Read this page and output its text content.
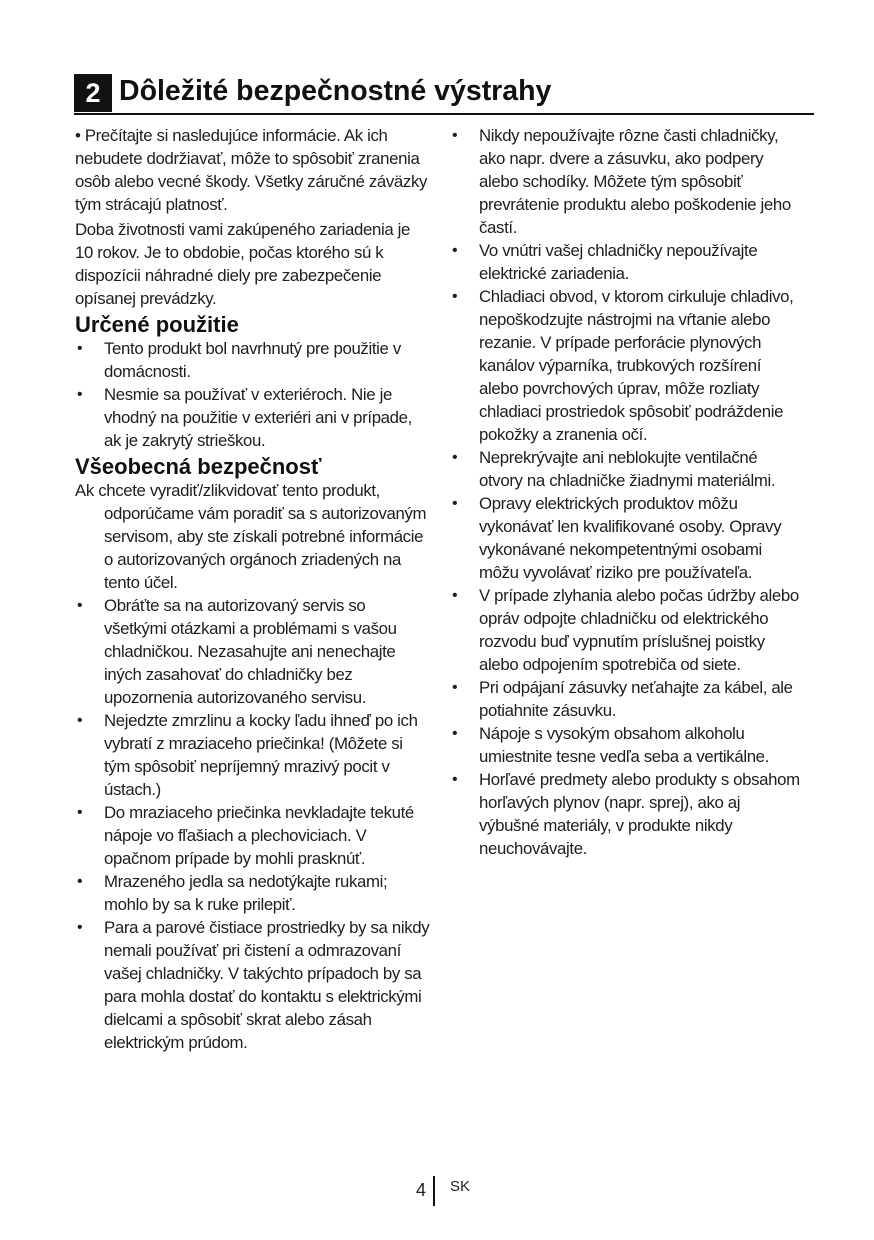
2 Dôležité bezpečnostné výstrahy

• Prečítajte si nasledujúce informácie. Ak ich nebudete dodržiavať, môže to spôsobiť zranenia osôb alebo vecné škody. Všetky záručné záväzky tým strácajú platnosť.

Doba životnosti vami zakúpeného zariadenia je 10 rokov. Je to obdobie, počas ktorého sú k dispozícii náhradné diely pre zabezpečenie opísanej prevádzky.

Určené použitie
• Tento produkt bol navrhnutý pre použitie v domácnosti.
• Nesmie sa používať v exteriéroch. Nie je vhodný na použitie v exteriéri ani v prípade, ak je zakrytý strieškou.
Všeobecná bezpečnosť

Ak chcete vyradiť/zlikvidovať tento produkt, odporúčame vám poradiť sa s autorizovaným servisom, aby ste získali potrebné informácie o autorizovaných orgánoch zriadených na tento účel.

• Obráťte sa na autorizovaný servis so všetkými otázkami a problémami s vašou chladničkou. Nezasahujte ani nenechajte iných zasahovať do chladničky bez upozornenia autorizovaného servisu.
• Nejedzte zmrzlinu a kocky ľadu ihneď po ich vybratí z mraziaceho priečinka! (Môžete si tým spôsobiť nepríjemný mrazivý pocit v ústach.)
• Do mraziaceho priečinka nevkladajte tekuté nápoje vo fľašiach a plechoviciach. V opačnom prípade by mohli prasknúť.
• Mrazeného jedla sa nedotýkajte rukami; mohlo by sa k ruke prilepiť.
• Para a parové čistiace prostriedky by sa nikdy nemali používať pri čistení a odmrazovaní vašej chladničky. V takýchto prípadoch by sa para mohla dostať do kontaktu s elektrickými dielcami a spôsobiť skrat alebo zásah elektrickým prúdom.
• Nikdy nepoužívajte rôzne časti chladničky, ako napr. dvere a zásuvku, ako podpery alebo schodíky. Môžete tým spôsobiť prevrátenie produktu alebo poškodenie jeho častí.
• Vo vnútri vašej chladničky nepoužívajte elektrické zariadenia.
• Chladiaci obvod, v ktorom cirkuluje chladivo, nepoškodzujte nástrojmi na vŕtanie alebo rezanie. V prípade perforácie plynových kanálov výparníka, trubkových rozšírení alebo povrchových úprav, môže rozliaty chladiaci prostriedok spôsobiť podráždenie pokožky a zranenia očí.
• Neprekrývajte ani neblokujte ventilačné otvory na chladničke žiadnymi materiálmi.
• Opravy elektrických produktov môžu vykonávať len kvalifikované osoby. Opravy vykonávané nekompetentnými osobami môžu vyvolávať riziko pre používateľa.
• V prípade zlyhania alebo počas údržby alebo opráv odpojte chladničku od elektrického rozvodu buď vypnutím príslušnej poistky alebo odpojením spotrebiča od siete.
• Pri odpájaní zásuvky neťahajte za kábel, ale potiahnite zásuvku.
• Nápoje s vysokým obsahom alkoholu umiestnite tesne vedľa seba a vertikálne.
• Horľavé predmety alebo produkty s obsahom horľavých plynov (napr. sprej), ako aj výbušné materiály, v produkte nikdy neuchovávajte.
4 SK
